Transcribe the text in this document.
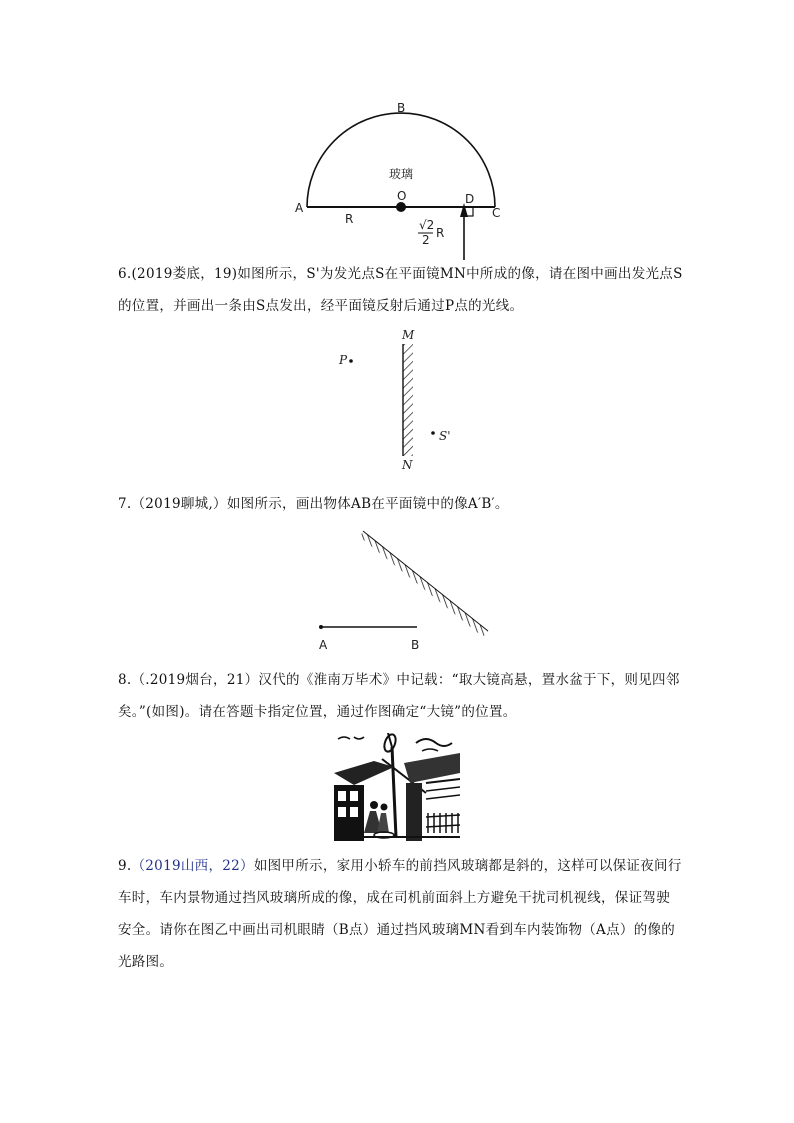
B
玻璃
O	D
A	C
R	√2
2 R

6.(2019娄底，19)如图所示，S'为发光点S在平面镜MN中所成的像，请在图中画出发光点S的位置，并画出一条由S点发出，经平面镜反射后通过P点的光线。

M
N
P
S'

7.（2019聊城,）如图所示，画出物体AB在平面镜中的像A′B′。

A	B

8.（.2019烟台，21）汉代的《淮南万毕术》中记载：“取大镜高悬，置水盆于下，则见四邻矣。”(如图)。请在答题卡指定位置，通过作图确定“大镜”的位置。

9.（2019山西，22）如图甲所示，家用小轿车的前挡风玻璃都是斜的，这样可以保证夜间行车时，车内景物通过挡风玻璃所成的像，成在司机前面斜上方避免干扰司机视线，保证驾驶安全。请你在图乙中画出司机眼睛（B点）通过挡风玻璃MN看到车内装饰物（A点）的像的光路图。
